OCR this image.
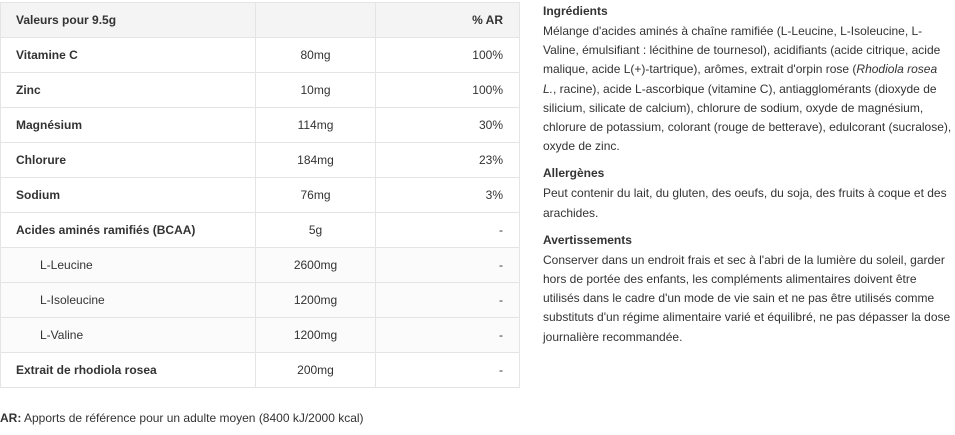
Valeurs pour 9.5g		% AR
Vitamine C	80mg	100%
Zinc	10mg	100%
Magnésium	114mg	30%
Chlorure	184mg	23%
Sodium	76mg	3%
Acides aminés ramifiés (BCAA)	5g	-
L-Leucine	2600mg	-
L-Isoleucine	1200mg	-
L-Valine	1200mg	-
Extrait de rhodiola rosea	200mg	-
AR: Apports de référence pour un adulte moyen (8400 kJ/2000 kcal)
Ingrédients

Mélange d'acides aminés à chaîne ramifiée (L-Leucine, L-Isoleucine, L-Valine, émulsifiant : lécithine de tournesol), acidifiants (acide citrique, acide malique, acide L(+)-tartrique), arômes, extrait d'orpin rose (Rhodiola rosea L., racine), acide L-ascorbique (vitamine C), antiagglomérants (dioxyde de silicium, silicate de calcium), chlorure de sodium, oxyde de magnésium, chlorure de potassium, colorant (rouge de betterave), edulcorant (sucralose), oxyde de zinc.

Allergènes

Peut contenir du lait, du gluten, des oeufs, du soja, des fruits à coque et des arachides.

Avertissements

Conserver dans un endroit frais et sec à l'abri de la lumière du soleil, garder hors de portée des enfants, les compléments alimentaires doivent être utilisés dans le cadre d'un mode de vie sain et ne pas être utilisés comme substituts d'un régime alimentaire varié et équilibré, ne pas dépasser la dose journalière recommandée.
